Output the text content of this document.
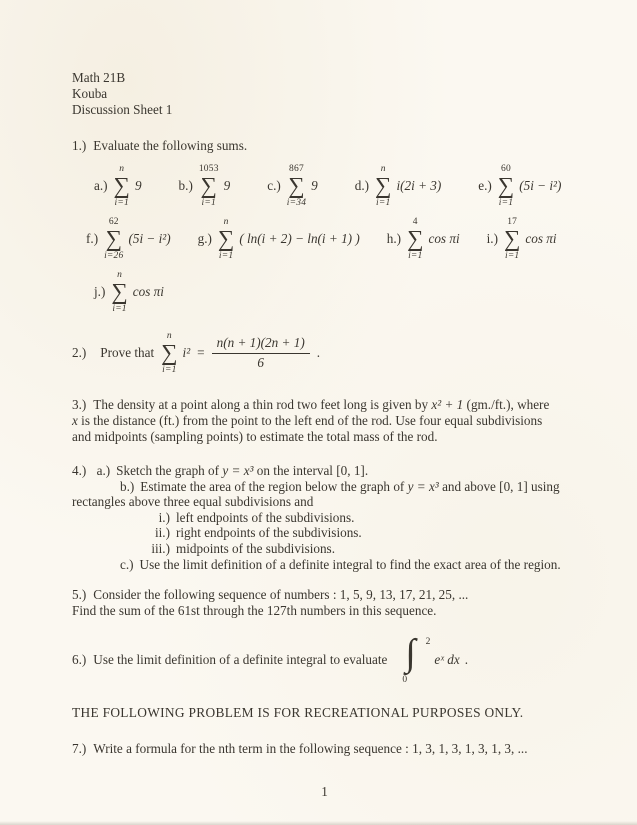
Math 21B
Kouba
Discussion Sheet 1
1.) Evaluate the following sums.
a.)
n
∑
i=1
9	b.)
1053
∑
i=1
9	c.)
867
∑
i=34
9	d.)
n
∑
i=1
i(2i + 3)	e.)
60
∑
i=1
(5i − i²)
f.)
62
∑
i=26
(5i − i²) g.)
n
∑
i=1
( ln(i + 2) − ln(i + 1) ) h.)
4
∑
i=1
cos πi i.)
17
∑
i=1
cos πi
j.)
n
∑
i=1
cos πi
2.) Prove that
n
∑
i=1
$i^2 = \frac{n(n + 1)(2n + 1)}{6}$ .
3.) The density at a point along a thin rod two feet long is given by x² + 1 (gm./ft.), where
x is the distance (ft.) from the point to the left end of the rod. Use four equal subdivisions
and midpoints (sampling points) to estimate the total mass of the rod.
4.) a.) Sketch the graph of y = x³ on the interval [0, 1].
b.) Estimate the area of the region below the graph of y = x³ and above [0, 1] using
rectangles above three equal subdivisions and
i.) left endpoints of the subdivisions.
ii.) right endpoints of the subdivisions.
iii.) midpoints of the subdivisions.
c.) Use the limit definition of a definite integral to find the exact area of the region.
5.) Consider the following sequence of numbers : 1, 5, 9, 13, 17, 21, 25, ...
Find the sum of the 61st through the 127th numbers in this sequence.
6.) Use the limit definition of a definite integral to evaluate
2
∫
0
eˣ dx .
THE FOLLOWING PROBLEM IS FOR RECREATIONAL PURPOSES ONLY.
7.) Write a formula for the nth term in the following sequence : 1, 3, 1, 3, 1, 3, 1, 3, ...
1
